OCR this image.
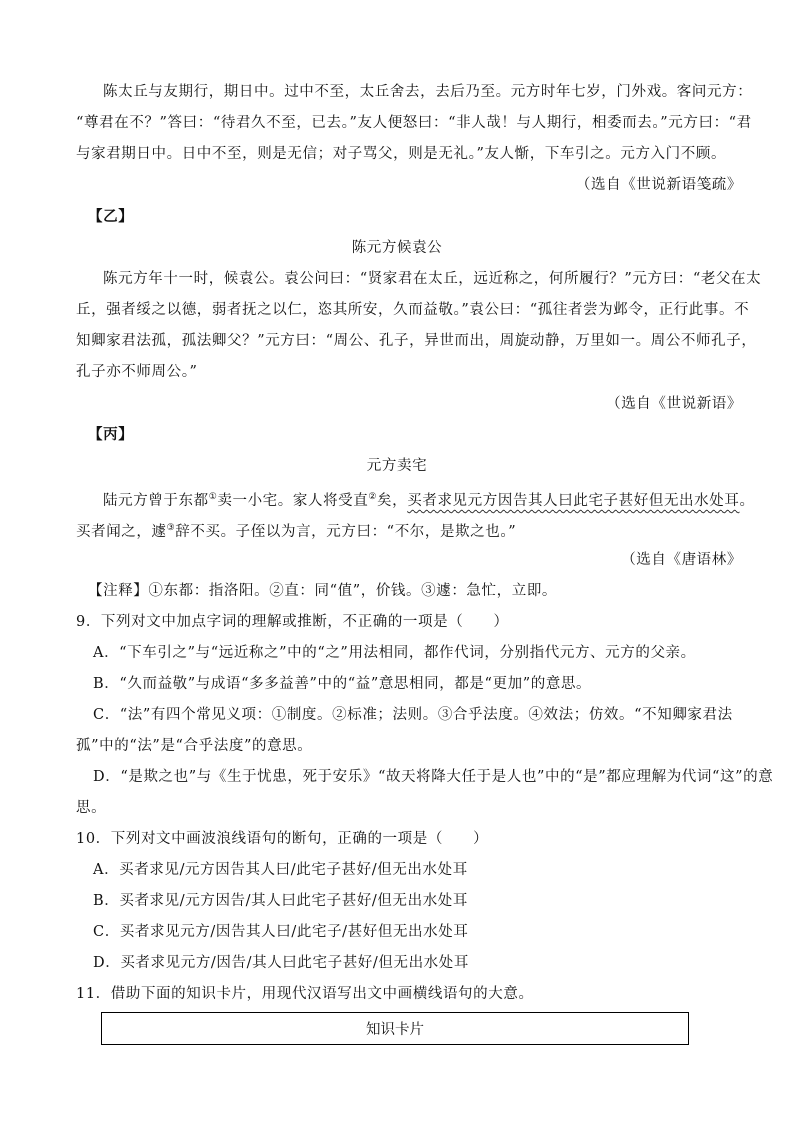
陈太丘与友期行，期日中。过中不至，太丘舍去，去后乃至。元方时年七岁，门外戏。客问元方：
“尊君在不？”答曰：“待君久不至，已去。”友人便怒曰：“非人哉！与人期行，相委而去。”元方曰：“君
与家君期日中。日中不至，则是无信；对子骂父，则是无礼。”友人惭，下车引之。元方入门不顾。
（选自《世说新语笺疏》
【乙】
陈元方候袁公
陈元方年十一时，候袁公。袁公问曰：“贤家君在太丘，远近称之，何所履行？”元方曰：“老父在太
丘，强者绥之以德，弱者抚之以仁，恣其所安，久而益敬。”袁公曰：“孤往者尝为邺令，正行此事。不
知卿家君法孤，孤法卿父？”元方曰：“周公、孔子，异世而出，周旋动静，万里如一。周公不师孔子，
孔子亦不师周公。”
（选自《世说新语》
【丙】
元方卖宅
陆元方曾于东都①卖一小宅。家人将受直②矣，买者求见元方因告其人曰此宅子甚好但无出水处耳。
买者闻之，遽③辞不买。子侄以为言，元方曰：“不尔，是欺之也。”
（选自《唐语林》
【注释】①东都：指洛阳。②直：同“值”，价钱。③遽：急忙，立即。
9．下列对文中加点字词的理解或推断，不正确的一项是（　　）
A．“下车引之”与“远近称之”中的“之”用法相同，都作代词，分别指代元方、元方的父亲。
B．“久而益敬”与成语“多多益善”中的“益”意思相同，都是“更加”的意思。
C．“法”有四个常见义项：①制度。②标准；法则。③合乎法度。④效法；仿效。“不知卿家君法
孤”中的“法”是“合乎法度”的意思。
D．“是欺之也”与《生于忧患，死于安乐》“故天将降大任于是人也”中的“是”都应理解为代词“这”的意
思。
10．下列对文中画波浪线语句的断句，正确的一项是（　　）
A．买者求见/元方因告其人曰/此宅子甚好/但无出水处耳
B．买者求见/元方因告/其人曰此宅子甚好/但无出水处耳
C．买者求见元方/因告其人曰/此宅子/甚好但无出水处耳
D．买者求见元方/因告/其人曰此宅子甚好/但无出水处耳
11．借助下面的知识卡片，用现代汉语写出文中画横线语句的大意。
知识卡片
